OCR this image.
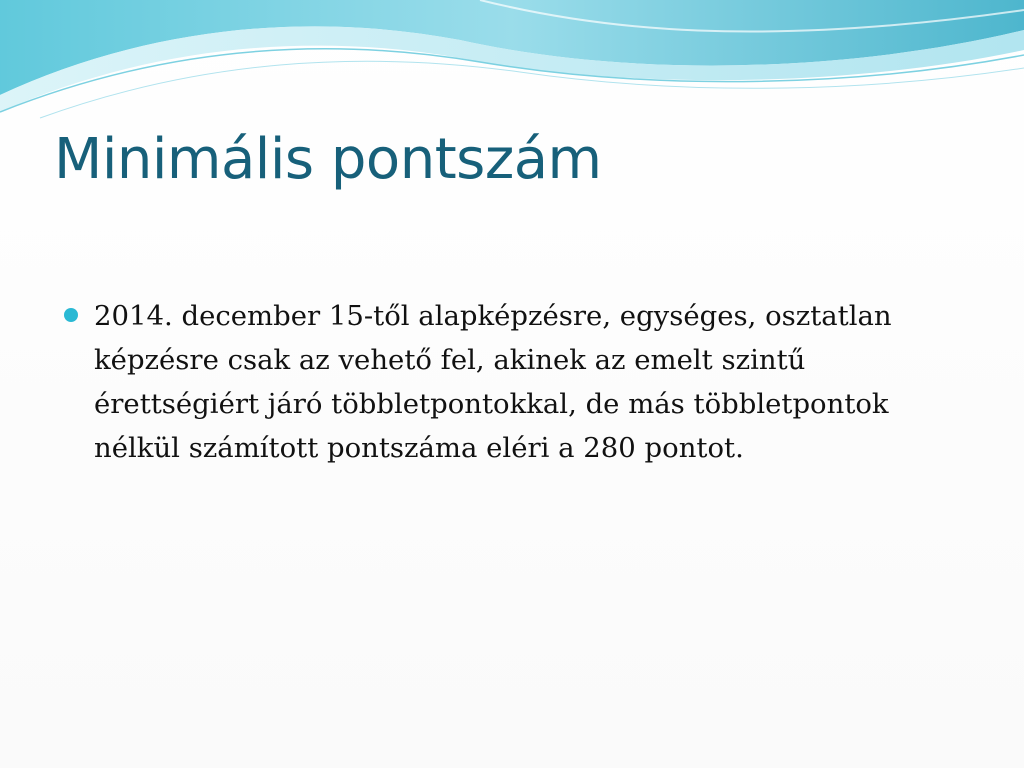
Minimális pontszám
2014. december 15-től alapképzésre, egységes, osztatlan képzésre csak az vehető fel, akinek az emelt szintű érettségiért járó többletpontokkal, de más többletpontok nélkül számított pontszáma eléri a 280 pontot.
